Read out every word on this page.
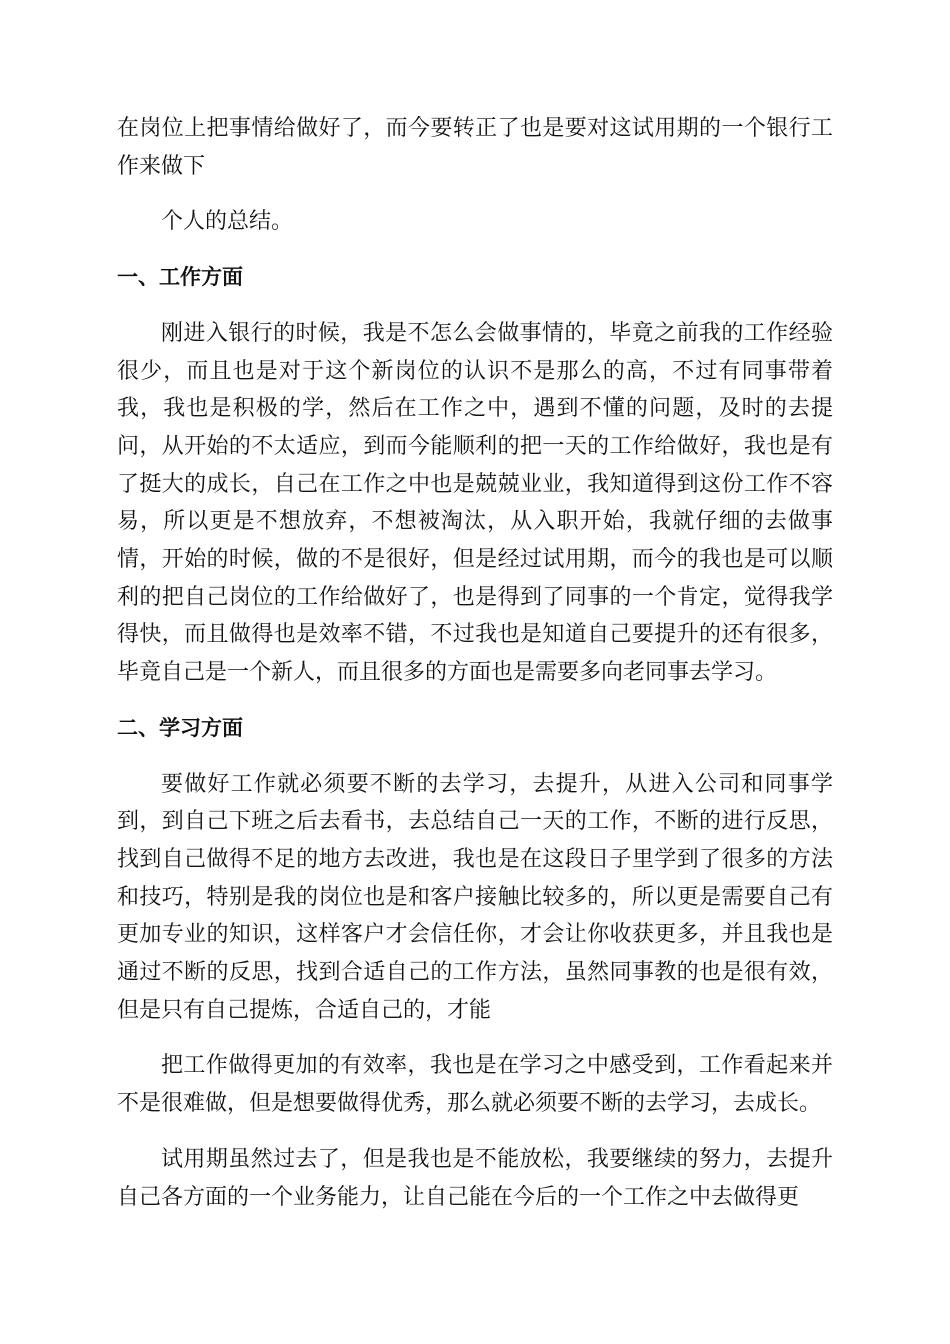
在岗位上把事情给做好了，而今要转正了也是要对这试用期的一个银行工作来做下

个人的总结。

一、工作方面

刚进入银行的时候，我是不怎么会做事情的，毕竟之前我的工作经验很少，而且也是对于这个新岗位的认识不是那么的高，不过有同事带着我，我也是积极的学，然后在工作之中，遇到不懂的问题，及时的去提问，从开始的不太适应，到而今能顺利的把一天的工作给做好，我也是有了挺大的成长，自己在工作之中也是兢兢业业，我知道得到这份工作不容易，所以更是不想放弃，不想被淘汰，从入职开始，我就仔细的去做事情，开始的时候，做的不是很好，但是经过试用期，而今的我也是可以顺利的把自己岗位的工作给做好了，也是得到了同事的一个肯定，觉得我学得快，而且做得也是效率不错，不过我也是知道自己要提升的还有很多，毕竟自己是一个新人，而且很多的方面也是需要多向老同事去学习。

二、学习方面

要做好工作就必须要不断的去学习，去提升，从进入公司和同事学到，到自己下班之后去看书，去总结自己一天的工作，不断的进行反思，找到自己做得不足的地方去改进，我也是在这段日子里学到了很多的方法和技巧，特别是我的岗位也是和客户接触比较多的，所以更是需要自己有更加专业的知识，这样客户才会信任你，才会让你收获更多，并且我也是通过不断的反思，找到合适自己的工作方法，虽然同事教的也是很有效，但是只有自己提炼，合适自己的，才能

把工作做得更加的有效率，我也是在学习之中感受到，工作看起来并不是很难做，但是想要做得优秀，那么就必须要不断的去学习，去成长。

试用期虽然过去了，但是我也是不能放松，我要继续的努力，去提升自己各方面的一个业务能力，让自己能在今后的一个工作之中去做得更
